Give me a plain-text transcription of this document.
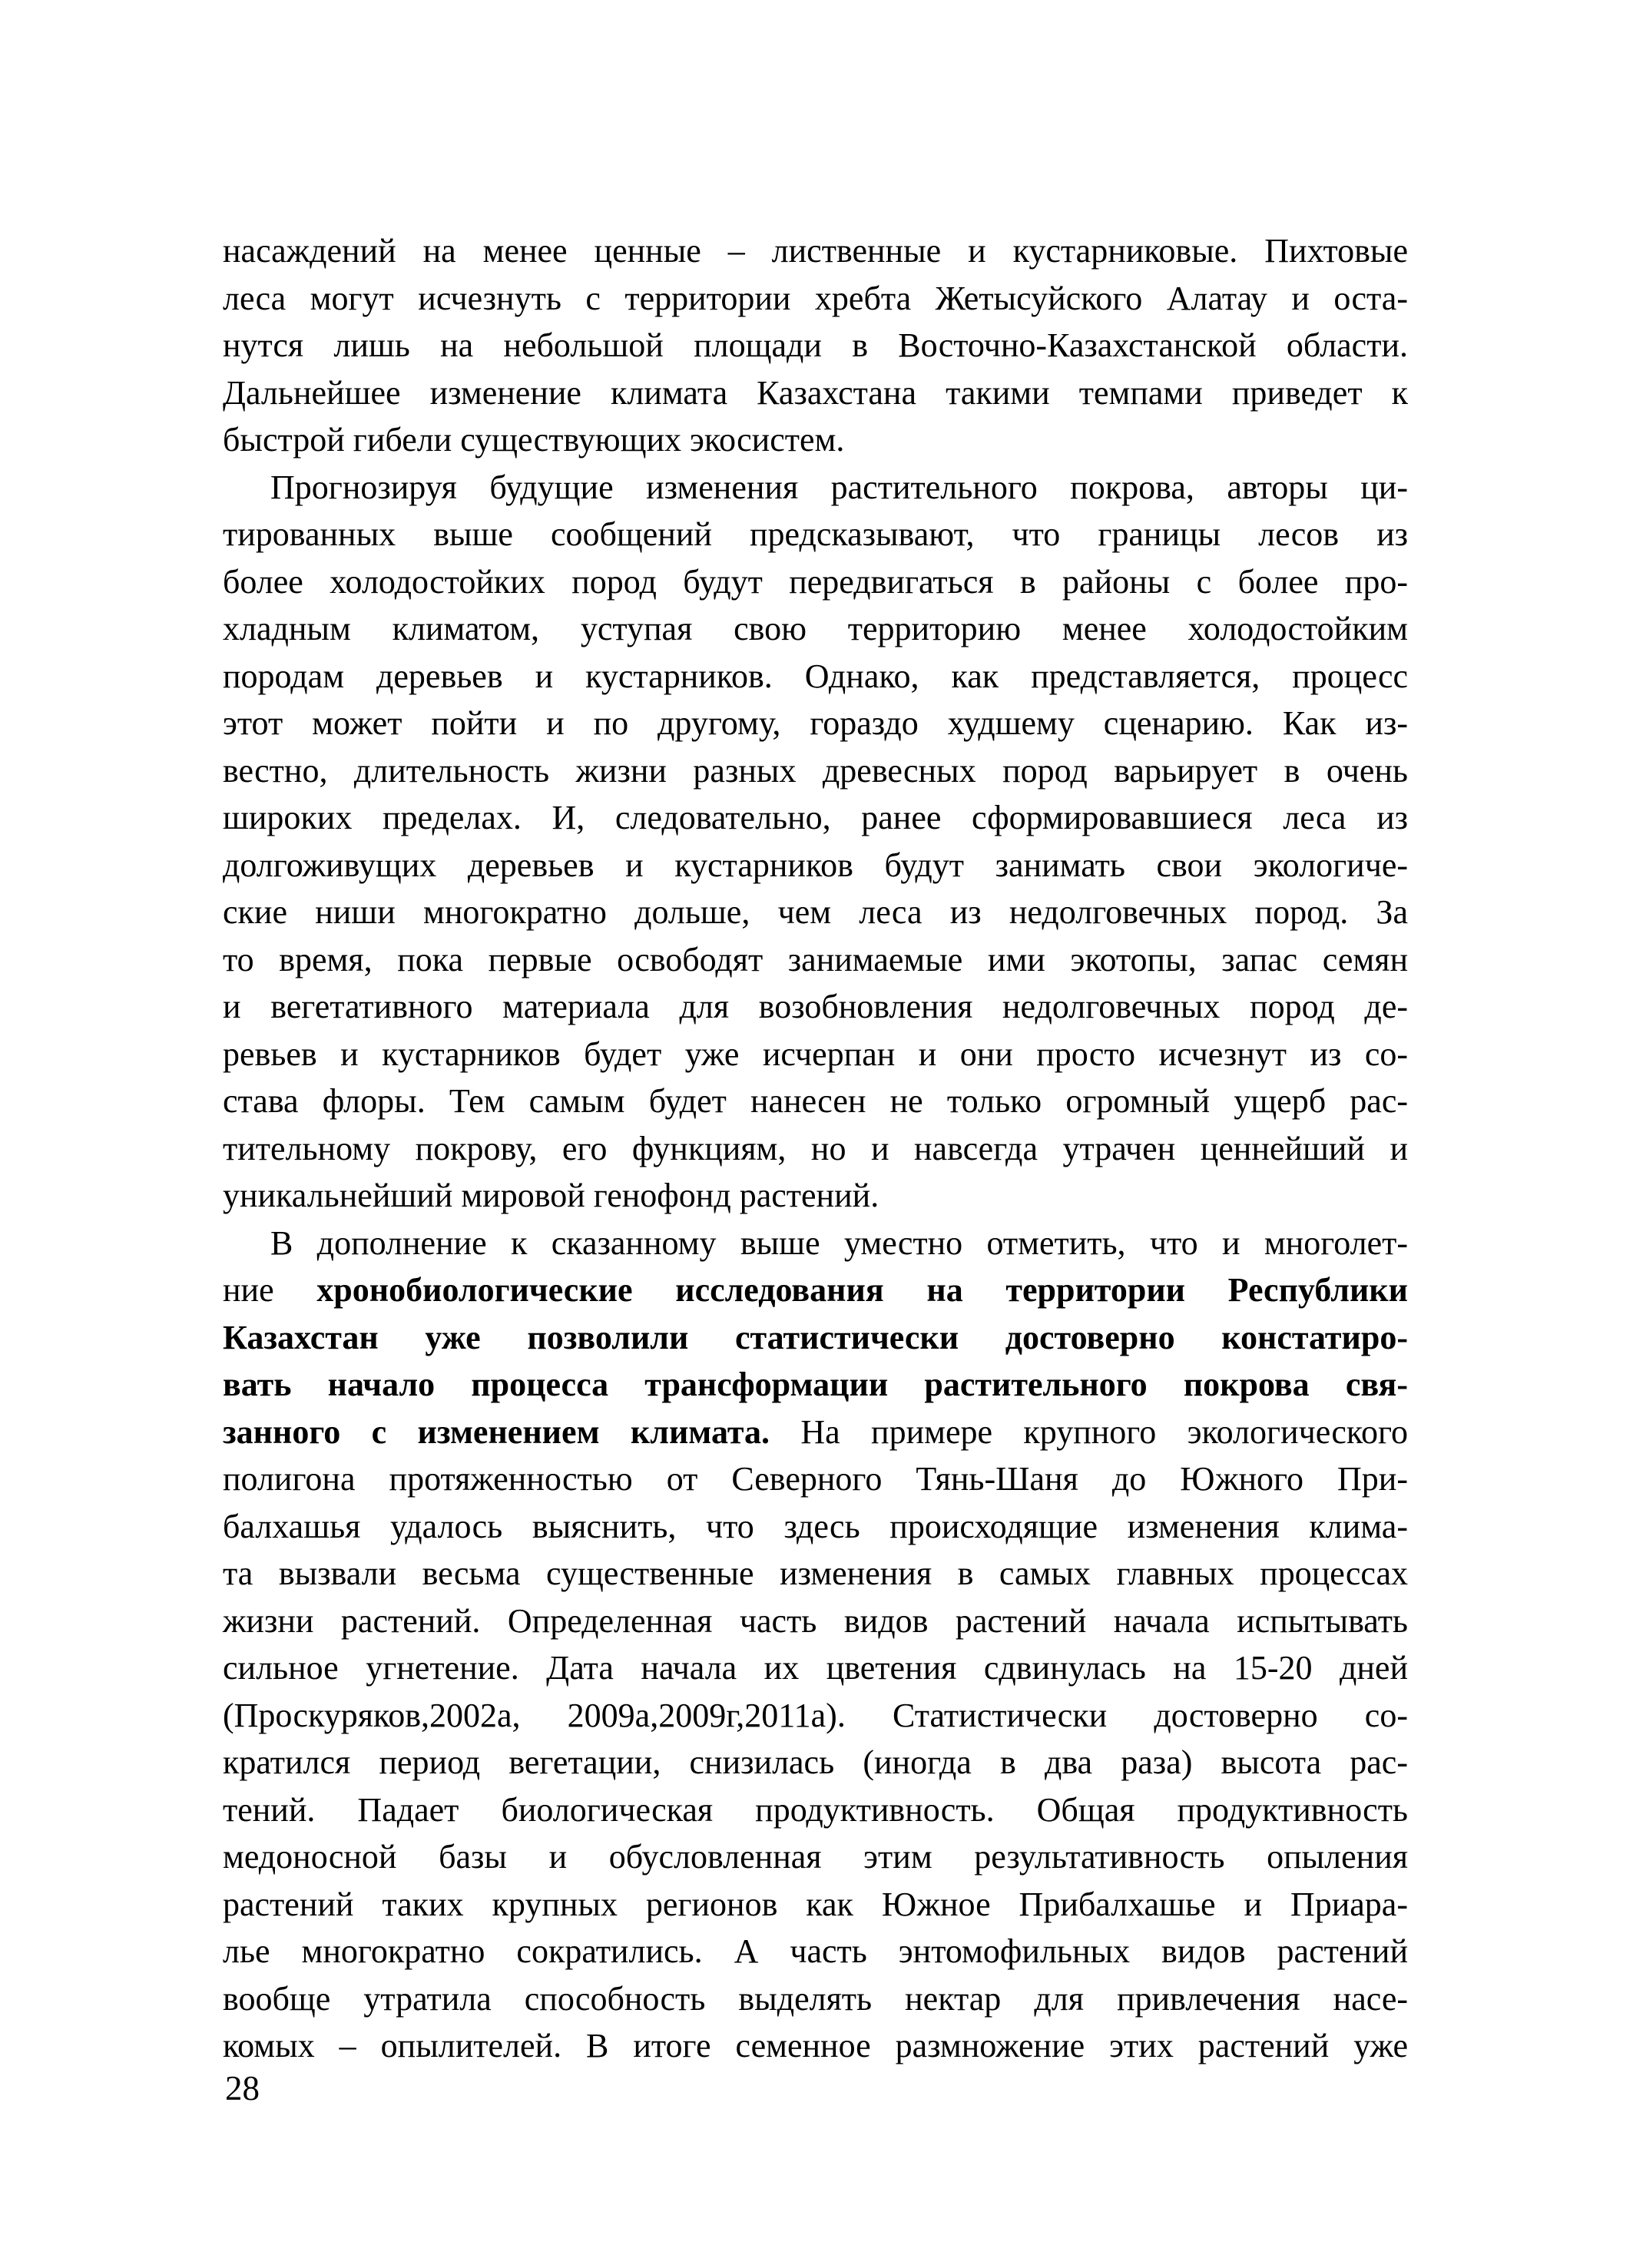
насаждений на менее ценные – лиственные и кустарниковые. Пихтовые
леса могут исчезнуть с территории хребта Жетысуйского Алатау и оста-
нутся лишь на небольшой площади в Восточно-Казахстанской области.
Дальнейшее изменение климата Казахстана такими темпами приведет к
быстрой гибели существующих экосистем.
Прогнозируя будущие изменения растительного покрова, авторы ци-
тированных выше сообщений предсказывают, что границы лесов из
более холодостойких пород будут передвигаться в районы с более про-
хладным климатом, уступая свою территорию менее холодостойким
породам деревьев и кустарников. Однако, как представляется, процесс
этот может пойти и по другому, гораздо худшему сценарию. Как из-
вестно, длительность жизни разных древесных пород варьирует в очень
широких пределах. И, следовательно, ранее сформировавшиеся леса из
долгоживущих деревьев и кустарников будут занимать свои экологиче-
ские ниши многократно дольше, чем леса из недолговечных пород. За
то время, пока первые освободят занимаемые ими экотопы, запас семян
и вегетативного материала для возобновления недолговечных пород де-
ревьев и кустарников будет уже исчерпан и они просто исчезнут из со-
става флоры. Тем самым будет нанесен не только огромный ущерб рас-
тительному покрову, его функциям, но и навсегда утрачен ценнейший и
уникальнейший мировой генофонд растений.
В дополнение к сказанному выше уместно отметить, что и многолет-
ние хронобиологические исследования на территории Республики
Казахстан уже позволили статистически достоверно констатиро-
вать начало процесса трансформации растительного покрова свя-
занного с изменением климата. На примере крупного экологического
полигона протяженностью от Северного Тянь-Шаня до Южного При-
балхашья удалось выяснить, что здесь происходящие изменения клима-
та вызвали весьма существенные изменения в самых главных процессах
жизни растений. Определенная часть видов растений начала испытывать
сильное угнетение. Дата начала их цветения сдвинулась на 15-20 дней
(Проскуряков,2002а, 2009а,2009г,2011а). Статистически достоверно со-
кратился период вегетации, снизилась (иногда в два раза) высота рас-
тений. Падает биологическая продуктивность. Общая продуктивность
медоносной базы и обусловленная этим результативность опыления
растений таких крупных регионов как Южное Прибалхашье и Приара-
лье многократно сократились. А часть энтомофильных видов растений
вообще утратила способность выделять нектар для привлечения насе-
комых – опылителей. В итоге семенное размножение этих растений уже
28
